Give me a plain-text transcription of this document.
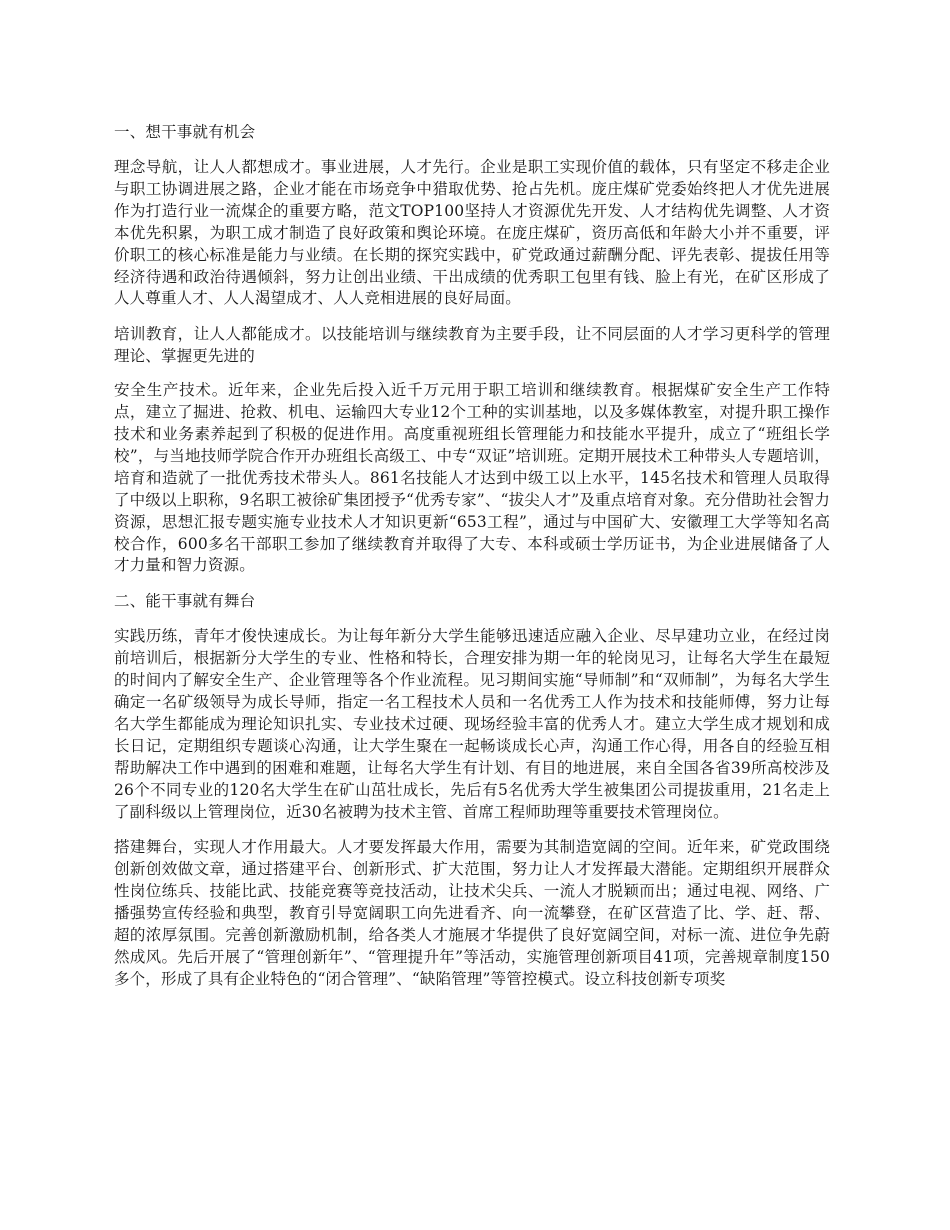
一、想干事就有机会
理念导航，让人人都想成才。事业进展，人才先行。企业是职工实现价值的载体，只有坚定不移走企业与职工协调进展之路，企业才能在市场竞争中猎取优势、抢占先机。庞庄煤矿党委始终把人才优先进展作为打造行业一流煤企的重要方略，范文TOP100坚持人才资源优先开发、人才结构优先调整、人才资本优先积累，为职工成才制造了良好政策和舆论环境。在庞庄煤矿，资历高低和年龄大小并不重要，评价职工的核心标准是能力与业绩。在长期的探究实践中，矿党政通过薪酬分配、评先表彰、提拔任用等经济待遇和政治待遇倾斜，努力让创出业绩、干出成绩的优秀职工包里有钱、脸上有光，在矿区形成了人人尊重人才、人人渴望成才、人人竞相进展的良好局面。
培训教育，让人人都能成才。以技能培训与继续教育为主要手段，让不同层面的人才学习更科学的管理理论、掌握更先进的
安全生产技术。近年来，企业先后投入近千万元用于职工培训和继续教育。根据煤矿安全生产工作特点，建立了掘进、抢救、机电、运输四大专业12个工种的实训基地，以及多媒体教室，对提升职工操作技术和业务素养起到了积极的促进作用。高度重视班组长管理能力和技能水平提升，成立了“班组长学校”，与当地技师学院合作开办班组长高级工、中专“双证”培训班。定期开展技术工种带头人专题培训，培育和造就了一批优秀技术带头人。861名技能人才达到中级工以上水平，145名技术和管理人员取得了中级以上职称，9名职工被徐矿集团授予“优秀专家”、“拔尖人才”及重点培育对象。充分借助社会智力资源，思想汇报专题实施专业技术人才知识更新“653工程”，通过与中国矿大、安徽理工大学等知名高校合作，600多名干部职工参加了继续教育并取得了大专、本科或硕士学历证书，为企业进展储备了人才力量和智力资源。
二、能干事就有舞台
实践历练，青年才俊快速成长。为让每年新分大学生能够迅速适应融入企业、尽早建功立业，在经过岗前培训后，根据新分大学生的专业、性格和特长，合理安排为期一年的轮岗见习，让每名大学生在最短的时间内了解安全生产、企业管理等各个作业流程。见习期间实施“导师制”和“双师制”，为每名大学生确定一名矿级领导为成长导师，指定一名工程技术人员和一名优秀工人作为技术和技能师傅，努力让每名大学生都能成为理论知识扎实、专业技术过硬、现场经验丰富的优秀人才。建立大学生成才规划和成长日记，定期组织专题谈心沟通，让大学生聚在一起畅谈成长心声，沟通工作心得，用各自的经验互相帮助解决工作中遇到的困难和难题，让每名大学生有计划、有目的地进展，来自全国各省39所高校涉及26个不同专业的120名大学生在矿山茁壮成长，先后有5名优秀大学生被集团公司提拔重用，21名走上了副科级以上管理岗位，近30名被聘为技术主管、首席工程师助理等重要技术管理岗位。
搭建舞台，实现人才作用最大。人才要发挥最大作用，需要为其制造宽阔的空间。近年来，矿党政围绕创新创效做文章，通过搭建平台、创新形式、扩大范围，努力让人才发挥最大潜能。定期组织开展群众性岗位练兵、技能比武、技能竞赛等竞技活动，让技术尖兵、一流人才脱颖而出；通过电视、网络、广播强势宣传经验和典型，教育引导宽阔职工向先进看齐、向一流攀登，在矿区营造了比、学、赶、帮、超的浓厚氛围。完善创新激励机制，给各类人才施展才华提供了良好宽阔空间，对标一流、进位争先蔚然成风。先后开展了“管理创新年”、“管理提升年”等活动，实施管理创新项目41项，完善规章制度150多个，形成了具有企业特色的“闭合管理”、“缺陷管理”等管控模式。设立科技创新专项奖
